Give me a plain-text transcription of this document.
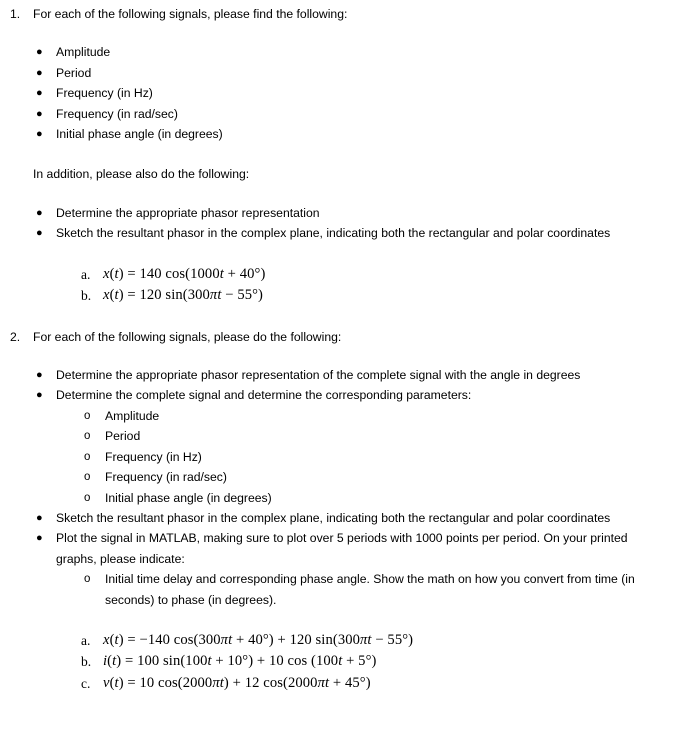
1.	For each of the following signals, please find the following:
● Amplitude
● Period
● Frequency (in Hz)
● Frequency (in rad/sec)
● Initial phase angle (in degrees)
In addition, please also do the following:
● Determine the appropriate phasor representation
● Sketch the resultant phasor in the complex plane, indicating both the rectangular and polar coordinates
a. x(t) = 140 cos(1000t + 40°)
b. x(t) = 120 sin(300πt − 55°)
2.	For each of the following signals, please do the following:
● Determine the appropriate phasor representation of the complete signal with the angle in degrees
● Determine the complete signal and determine the corresponding parameters:
o Amplitude
o Period
o Frequency (in Hz)
o Frequency (in rad/sec)
o Initial phase angle (in degrees)
● Sketch the resultant phasor in the complex plane, indicating both the rectangular and polar coordinates
● Plot the signal in MATLAB, making sure to plot over 5 periods with 1000 points per period. On your printed graphs, please indicate:
o Initial time delay and corresponding phase angle. Show the math on how you convert from time (in seconds) to phase (in degrees).
a. x(t) = −140 cos(300πt + 40°) + 120 sin(300πt − 55°)
b. i(t) = 100 sin(100t + 10°) + 10 cos (100t + 5°)
c. v(t) = 10 cos(2000πt) + 12 cos(2000πt + 45°)
